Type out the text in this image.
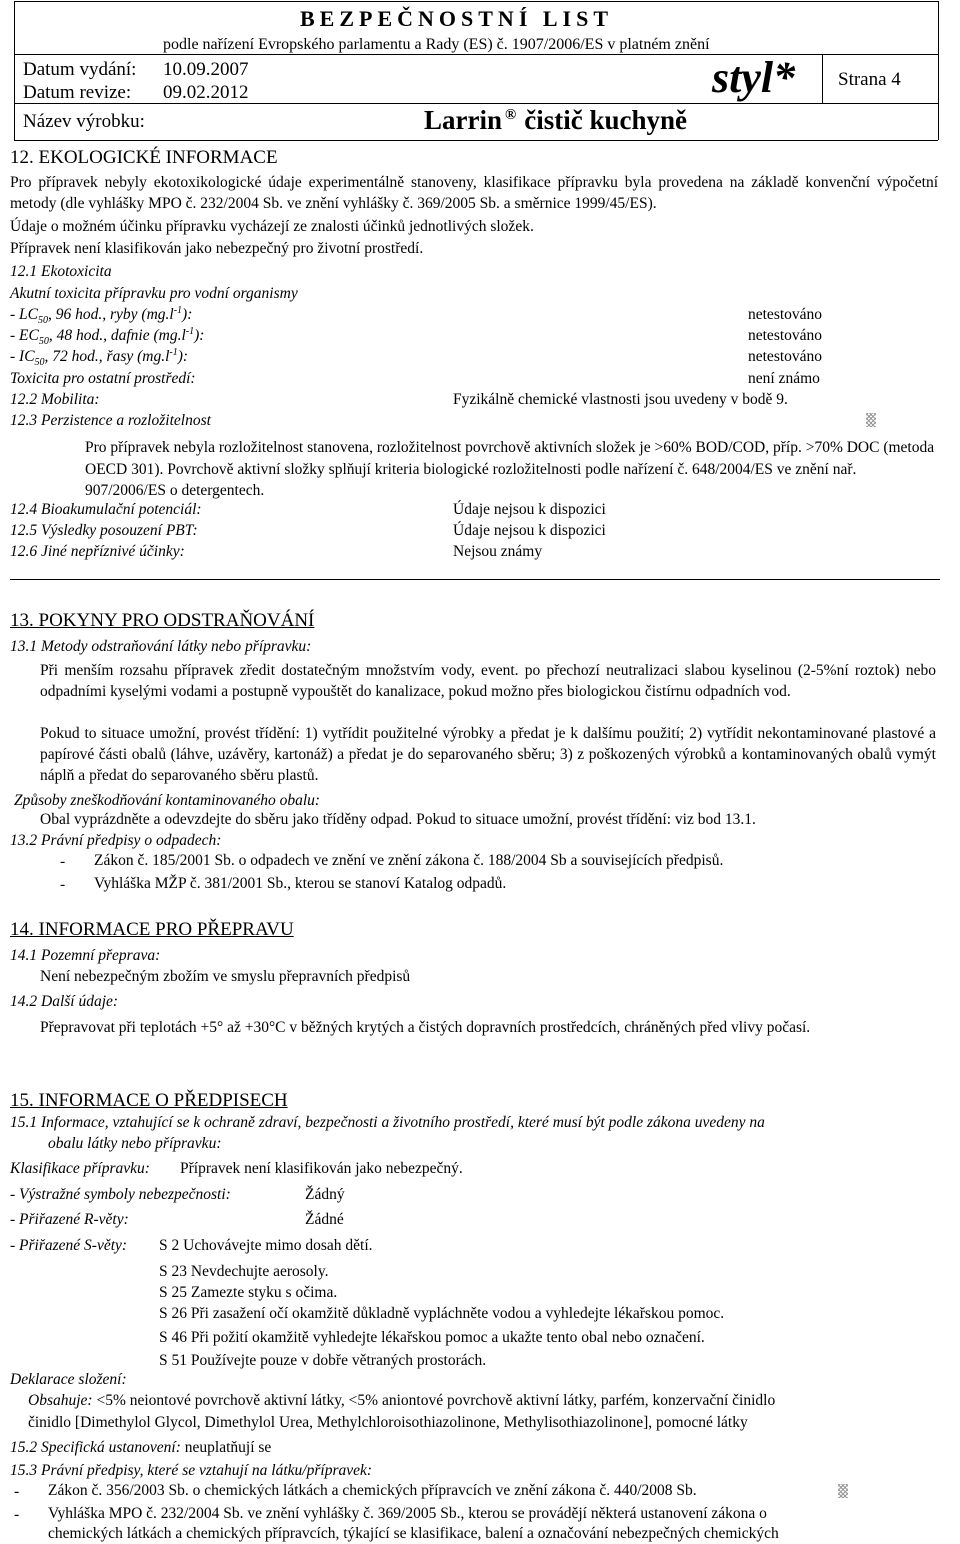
BEZPEČNOSTNÍ LIST
podle nařízení Evropského parlamentu a Rady (ES) č. 1907/2006/ES v platném znění
Datum vydání: 10.09.2007
Datum revize: 09.02.2012	styl* Strana 4
Název výrobku:	Larrin ® čistič kuchyně
12. EKOLOGICKÉ INFORMACE
Pro přípravek nebyly ekotoxikologické údaje experimentálně stanoveny, klasifikace přípravku byla provedena na základě konvenční výpočetní metody (dle vyhlášky MPO č. 232/2004 Sb. ve znění vyhlášky č. 369/2005 Sb. a směrnice 1999/45/ES).
Údaje o možném účinku přípravku vycházejí ze znalosti účinků jednotlivých složek.
Přípravek není klasifikován jako nebezpečný pro životní prostředí.
12.1 Ekotoxicita
Akutní toxicita přípravku pro vodní organismy
- $LC_{50}$, 96 hod., ryby $(mg.l^{-1})$:	netestováno
- $EC_{50}$, 48 hod., dafnie $(mg.l^{-1})$:	netestováno
- $IC_{50}$, 72 hod., řasy $(mg.l^{-1})$:	netestováno
Toxicita pro ostatní prostředí:	není známo
12.2 Mobilita:	Fyzikálně chemické vlastnosti jsou uvedeny v bodě 9.
12.3 Perzistence a rozložitelnost
Pro přípravek nebyla rozložitelnost stanovena, rozložitelnost povrchově aktivních složek je >60% BOD/COD, příp. >70% DOC (metoda OECD 301). Povrchově aktivní složky splňují kriteria biologické rozložitelnosti podle nařízení č. 648/2004/ES ve znění nař. 907/2006/ES o detergentech.
12.4 Bioakumulační potenciál:	Údaje nejsou k dispozici
12.5 Výsledky posouzení PBT:	Údaje nejsou k dispozici
12.6 Jiné nepříznivé účinky:	Nejsou známy
13. POKYNY PRO ODSTRAŇOVÁNÍ
13.1 Metody odstraňování látky nebo přípravku:
Při menším rozsahu přípravek zředit dostatečným množstvím vody, event. po přechozí neutralizaci slabou kyselinou (2-5%ní roztok) nebo odpadními kyselými vodami a postupně vypouštět do kanalizace, pokud možno přes biologickou čistírnu odpadních vod.
Pokud to situace umožní, provést třídění: 1) vytřídit použitelné výrobky a předat je k dalšímu použití; 2) vytřídit nekontaminované plastové a papírové části obalů (láhve, uzávěry, kartonáž) a předat je do separovaného sběru; 3) z poškozených výrobků a kontaminovaných obalů vymýt náplň a předat do separovaného sběru plastů.
Způsoby zneškodňování kontaminovaného obalu:
Obal vyprázdněte a odevzdejte do sběru jako tříděny odpad. Pokud to situace umožní, provést třídění: viz bod 13.1.
13.2 Právní předpisy o odpadech:
- Zákon č. 185/2001 Sb. o odpadech ve znění ve znění zákona č. 188/2004 Sb a souvisejících předpisů.
- Vyhláška MŽP č. 381/2001 Sb., kterou se stanoví Katalog odpadů.
14. INFORMACE PRO PŘEPRAVU
14.1 Pozemní přeprava:
Není nebezpečným zbožím ve smyslu přepravních předpisů
14.2 Další údaje:
Přepravovat při teplotách +5° až +30°C v běžných krytých a čistých dopravních prostředcích, chráněných před vlivy počasí.
15. INFORMACE O PŘEDPISECH
15.1 Informace, vztahující se k ochraně zdraví, bezpečnosti a životního prostředí, které musí být podle zákona uvedeny na
obalu látky nebo přípravku:
Klasifikace přípravku: Přípravek není klasifikován jako nebezpečný.
- Výstražné symboly nebezpečnosti:	Žádný
- Přiřazené R-věty:	Žádné
- Přiřazené S-věty: S 2 Uchovávejte mimo dosah dětí.
S 23 Nevdechujte aerosoly.
S 25 Zamezte styku s očima.
S 26 Při zasažení očí okamžitě důkladně vypláchněte vodou a vyhledejte lékařskou pomoc.
S 46 Při požití okamžitě vyhledejte lékařskou pomoc a ukažte tento obal nebo označení.
S 51 Používejte pouze v dobře větraných prostorách.
Deklarace složení:
Obsahuje: <5% neiontové povrchově aktivní látky, <5% aniontové povrchově aktivní látky, parfém, konzervační činidlo
činidlo [Dimethylol Glycol, Dimethylol Urea, Methylchloroisothiazolinone, Methylisothiazolinone], pomocné látky
15.2 Specifická ustanovení: neuplatňují se
15.3 Právní předpisy, které se vztahují na látku/přípravek:
- Zákon č. 356/2003 Sb. o chemických látkách a chemických přípravcích ve znění zákona č. 440/2008 Sb.
- Vyhláška MPO č. 232/2004 Sb. ve znění vyhlášky č. 369/2005 Sb., kterou se provádějí některá ustanovení zákona o
chemických látkách a chemických přípravcích, týkající se klasifikace, balení a označování nebezpečných chemických
